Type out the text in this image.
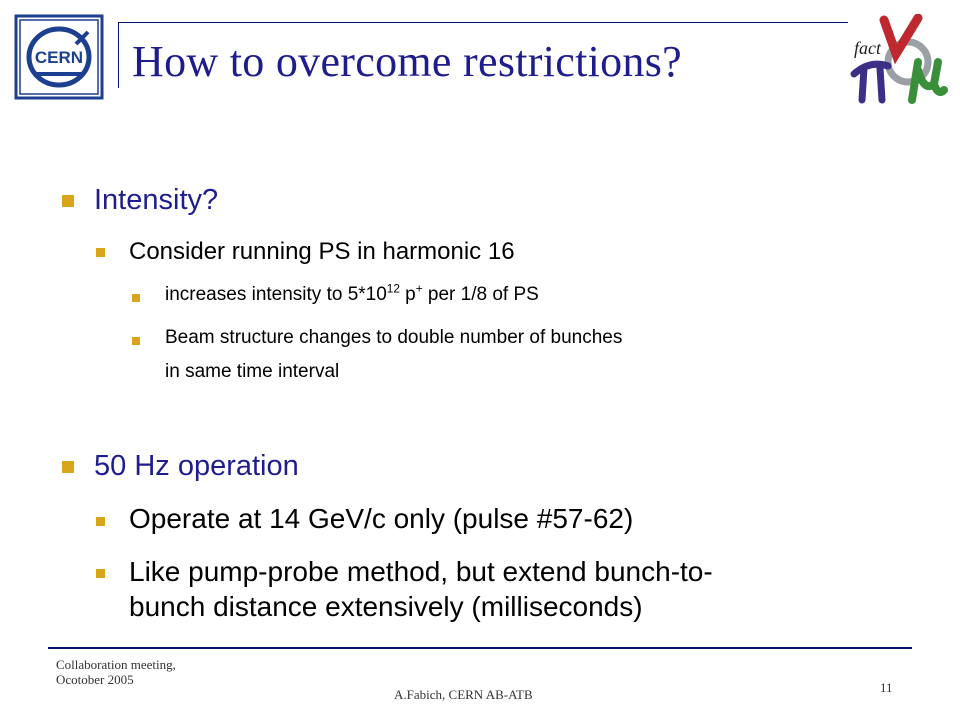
CERN How to overcome restrictions?	fact
Intensity?
Consider running PS in harmonic 16
increases intensity to $5*10^{12}$ p+ per 1/8 of PS
Beam structure changes to double number of bunches
in same time interval
50 Hz operation
Operate at 14 GeV/c only (pulse #57-62)
Like pump-probe method, but extend bunch-to-
bunch distance extensively (milliseconds)
Collaboration meeting,
Ocotober 2005
A.Fabich, CERN AB-ATB	11
